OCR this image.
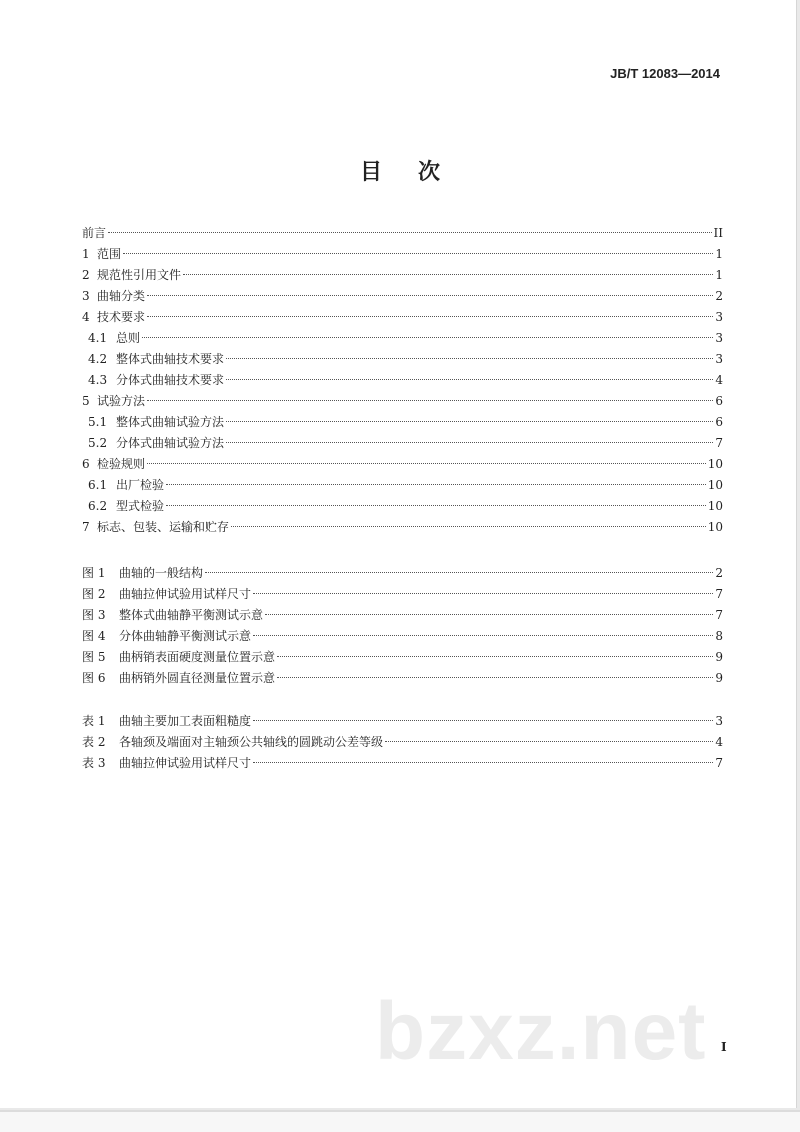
JB/T 12083—2014
目次
前言	II
1 范围	1
2 规范性引用文件	1
3 曲轴分类	2
4 技术要求	3
4.1 总则	3
4.2 整体式曲轴技术要求	3
4.3 分体式曲轴技术要求	4
5 试验方法	6
5.1 整体式曲轴试验方法	6
5.2 分体式曲轴试验方法	7
6 检验规则	10
6.1 出厂检验	10
6.2 型式检验	10
7 标志、包装、运输和贮存	10
图 1	曲轴的一般结构	2
图 2	曲轴拉伸试验用试样尺寸	7
图 3	整体式曲轴静平衡测试示意	7
图 4	分体曲轴静平衡测试示意	8
图 5	曲柄销表面硬度测量位置示意	9
图 6	曲柄销外圆直径测量位置示意	9
表 1	曲轴主要加工表面粗糙度	3
表 2	各轴颈及端面对主轴颈公共轴线的圆跳动公差等级	4
表 3	曲轴拉伸试验用试样尺寸	7
bzxz.net I
